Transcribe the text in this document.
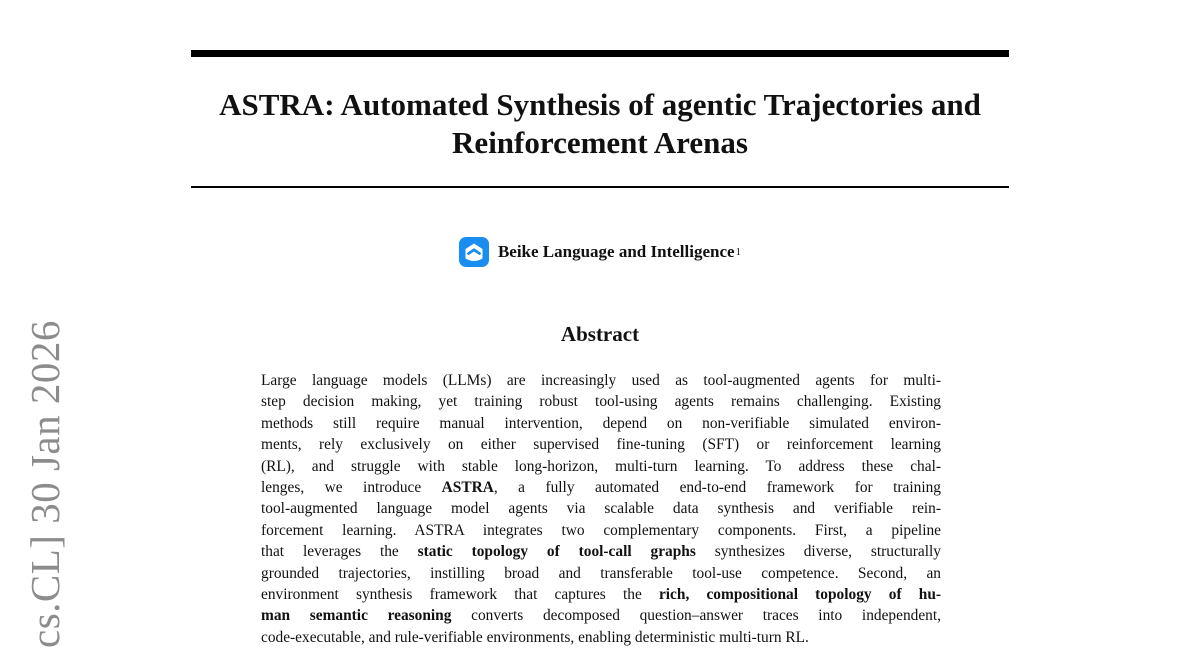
cs.CL] 30 Jan 2026
ASTRA: Automated Synthesis of agentic Trajectories and
Reinforcement Arenas
Beike Language and Intelligence 1
Abstract
Large language models (LLMs) are increasingly used as tool-augmented agents for multi-
step decision making, yet training robust tool-using agents remains challenging. Existing
methods still require manual intervention, depend on non-verifiable simulated environ-
ments, rely exclusively on either supervised fine-tuning (SFT) or reinforcement learning
(RL), and struggle with stable long-horizon, multi-turn learning. To address these chal-
lenges, we introduce ASTRA, a fully automated end-to-end framework for training
tool-augmented language model agents via scalable data synthesis and verifiable rein-
forcement learning. ASTRA integrates two complementary components. First, a pipeline
that leverages the static topology of tool-call graphs synthesizes diverse, structurally
grounded trajectories, instilling broad and transferable tool-use competence. Second, an
environment synthesis framework that captures the rich, compositional topology of hu-
man semantic reasoning converts decomposed question–answer traces into independent,
code-executable, and rule-verifiable environments, enabling deterministic multi-turn RL.
